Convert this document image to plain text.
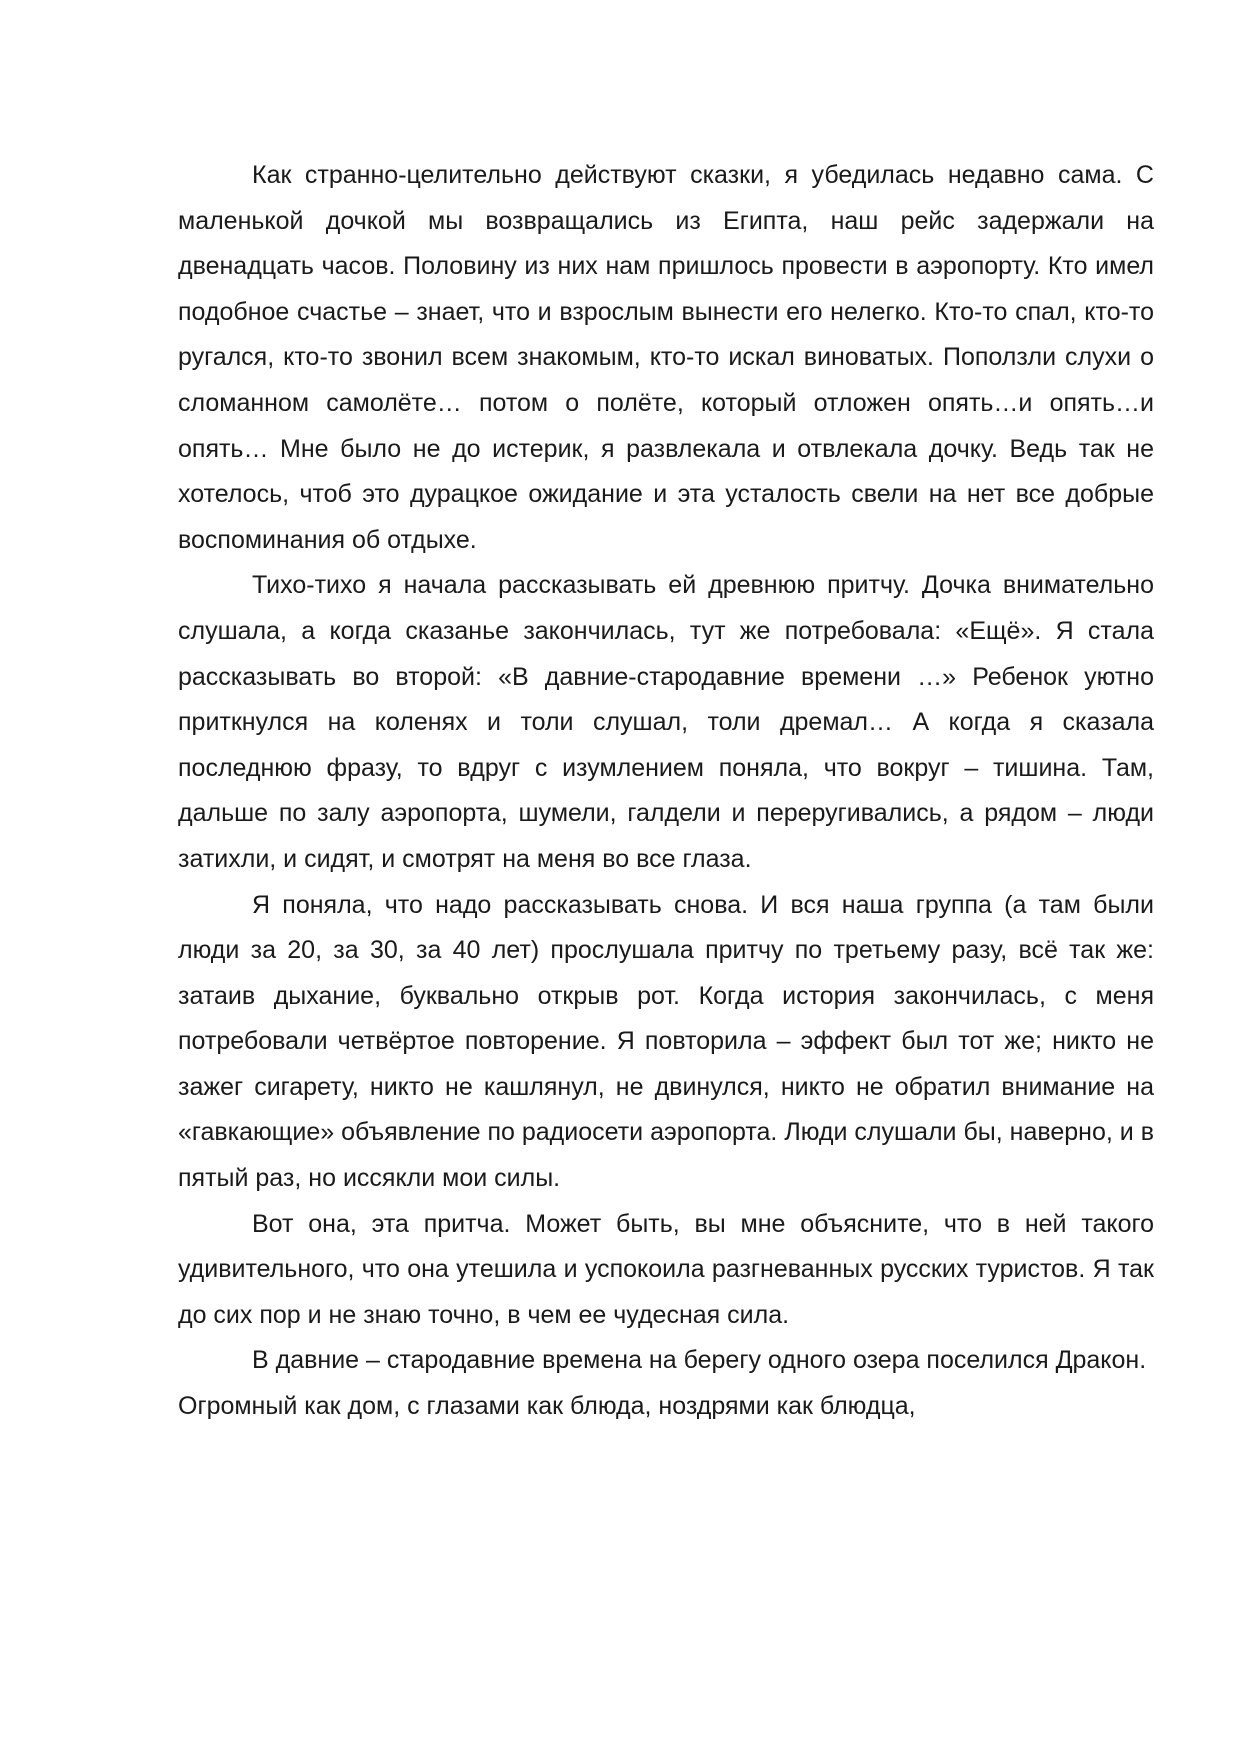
Как странно-целительно действуют сказки, я убедилась недавно сама. С маленькой дочкой мы возвращались из Египта, наш рейс задержали на двенадцать часов. Половину из них нам пришлось провести в аэропорту. Кто имел подобное счастье – знает, что и взрослым вынести его нелегко. Кто-то спал, кто-то ругался, кто-то звонил всем знакомым, кто-то искал виноватых. Поползли слухи о сломанном самолёте… потом о полёте, который отложен опять…и опять…и опять… Мне было не до истерик, я развлекала и отвлекала дочку. Ведь так не хотелось, чтоб это дурацкое ожидание и эта усталость свели на нет все добрые воспоминания об отдыхе.

Тихо-тихо я начала рассказывать ей древнюю притчу. Дочка внимательно слушала, а когда сказанье закончилась, тут же потребовала: «Ещё». Я стала рассказывать во второй: «В давние-стародавние времени …» Ребенок уютно приткнулся на коленях и толи слушал, толи дремал… А когда я сказала последнюю фразу, то вдруг с изумлением поняла, что вокруг – тишина. Там, дальше по залу аэропорта, шумели, галдели и переругивались, а рядом – люди затихли, и сидят, и смотрят на меня во все глаза.

Я поняла, что надо рассказывать снова. И вся наша группа (а там были люди за 20, за 30, за 40 лет) прослушала притчу по третьему разу, всё так же: затаив дыхание, буквально открыв рот. Когда история закончилась, с меня потребовали четвёртое повторение. Я повторила – эффект был тот же; никто не зажег сигарету, никто не кашлянул, не двинулся, никто не обратил внимание на «гавкающие» объявление по радиосети аэропорта. Люди слушали бы, наверно, и в пятый раз, но иссякли мои силы.

Вот она, эта притча. Может быть, вы мне объясните, что в ней такого удивительного, что она утешила и успокоила разгневанных русских туристов. Я так до сих пор и не знаю точно, в чем ее чудесная сила.

В давние – стародавние времена на берегу одного озера поселился Дракон. Огромный как дом, с глазами как блюда, ноздрями как блюдца,
